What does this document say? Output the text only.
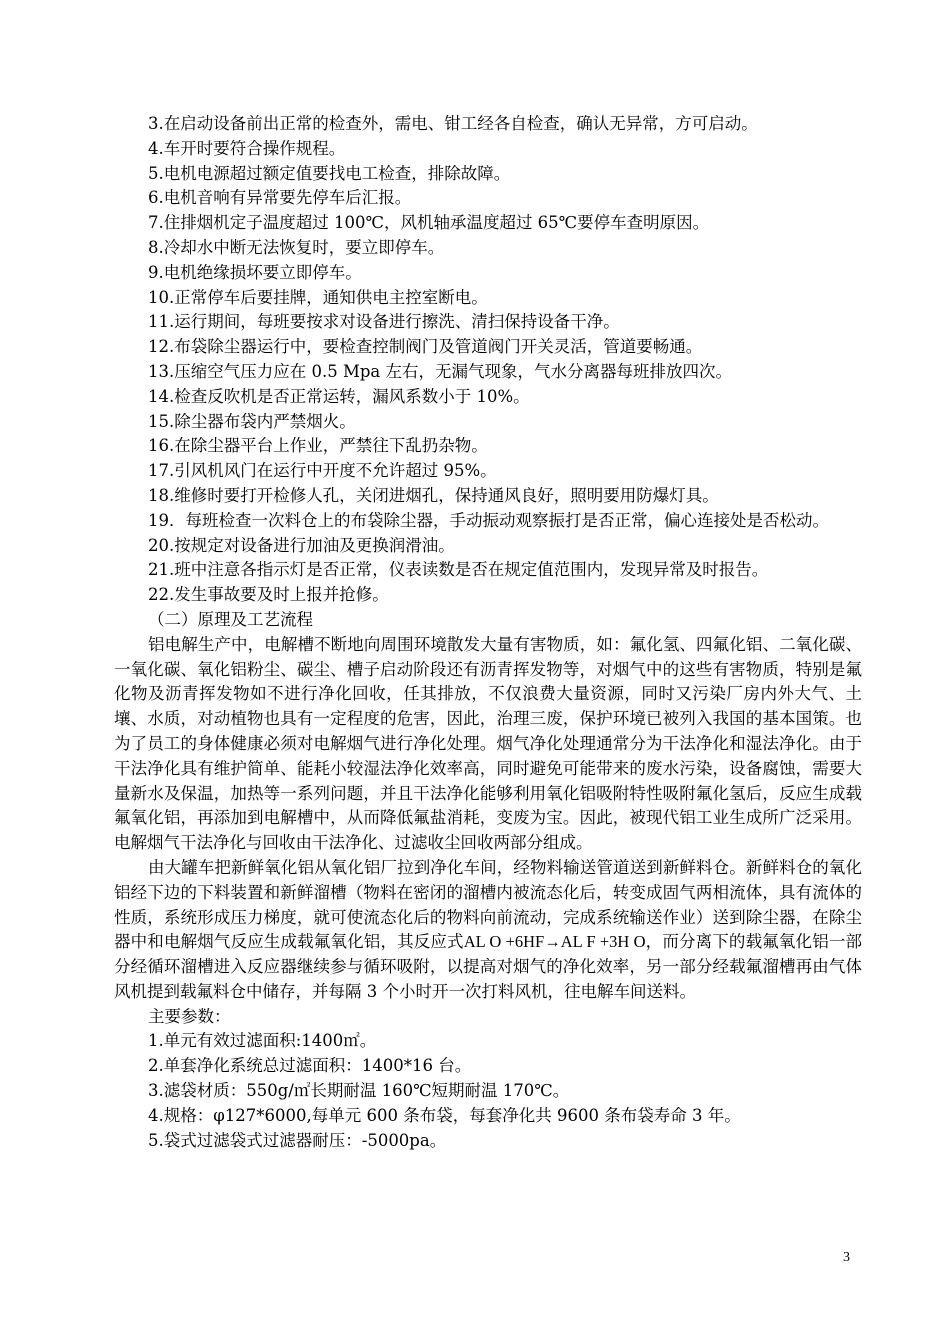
3.在启动设备前出正常的检查外，需电、钳工经各自检查，确认无异常，方可启动。

4.车开时要符合操作规程。

5.电机电源超过额定值要找电工检查，排除故障。

6.电机音响有异常要先停车后汇报。

7.住排烟机定子温度超过 100℃，风机轴承温度超过 65℃要停车查明原因。

8.冷却水中断无法恢复时，要立即停车。

9.电机绝缘损坏要立即停车。

10.正常停车后要挂牌，通知供电主控室断电。

11.运行期间，每班要按求对设备进行擦洗、清扫保持设备干净。

12.布袋除尘器运行中，要检查控制阀门及管道阀门开关灵活，管道要畅通。

13.压缩空气压力应在 0.5 Mpa 左右，无漏气现象，气水分离器每班排放四次。

14.检查反吹机是否正常运转，漏风系数小于 10%。

15.除尘器布袋内严禁烟火。

16.在除尘器平台上作业，严禁往下乱扔杂物。

17.引风机风门在运行中开度不允许超过 95%。

18.维修时要打开检修人孔，关闭进烟孔，保持通风良好，照明要用防爆灯具。

19．每班检查一次料仓上的布袋除尘器，手动振动观察振打是否正常，偏心连接处是否松动。

20.按规定对设备进行加油及更换润滑油。

21.班中注意各指示灯是否正常，仪表读数是否在规定值范围内，发现异常及时报告。

22.发生事故要及时上报并抢修。

（二）原理及工艺流程

铝电解生产中，电解槽不断地向周围环境散发大量有害物质，如：氟化氢、四氟化铝、二氧化碳、一氧化碳、氧化铝粉尘、碳尘、槽子启动阶段还有沥青挥发物等，对烟气中的这些有害物质，特别是氟化物及沥青挥发物如不进行净化回收，任其排放，不仅浪费大量资源，同时又污染厂房内外大气、土壤、水质，对动植物也具有一定程度的危害，因此，治理三废，保护环境已被列入我国的基本国策。也为了员工的身体健康必须对电解烟气进行净化处理。烟气净化处理通常分为干法净化和湿法净化。由于干法净化具有维护简单、能耗小较湿法净化效率高，同时避免可能带来的废水污染，设备腐蚀，需要大量新水及保温，加热等一系列问题，并且干法净化能够利用氧化铝吸附特性吸附氟化氢后，反应生成载氟氧化铝，再添加到电解槽中，从而降低氟盐消耗，变废为宝。因此，被现代铝工业生成所广泛采用。电解烟气干法净化与回收由干法净化、过滤收尘回收两部分组成。

由大罐车把新鲜氧化铝从氧化铝厂拉到净化车间，经物料输送管道送到新鲜料仓。新鲜料仓的氧化铝经下边的下料装置和新鲜溜槽（物料在密闭的溜槽内被流态化后，转变成固气两相流体，具有流体的性质，系统形成压力梯度，就可使流态化后的物料向前流动，完成系统输送作业）送到除尘器，在除尘器中和电解烟气反应生成载氟氧化铝，其反应式AL O +6HF→AL F +3H O，而分离下的载氟氧化铝一部分经循环溜槽进入反应器继续参与循环吸附，以提高对烟气的净化效率，另一部分经载氟溜槽再由气体风机提到载氟料仓中储存，并每隔 3 个小时开一次打料风机，往电解车间送料。

主要参数：

1.单元有效过滤面积:1400㎡。

2.单套净化系统总过滤面积：1400*16 台。

3.滤袋材质：550g/㎡长期耐温 160℃短期耐温 170℃。

4.规格：φ127*6000,每单元 600 条布袋，每套净化共 9600 条布袋寿命 3 年。

5.袋式过滤袋式过滤器耐压：-5000pa。

3
